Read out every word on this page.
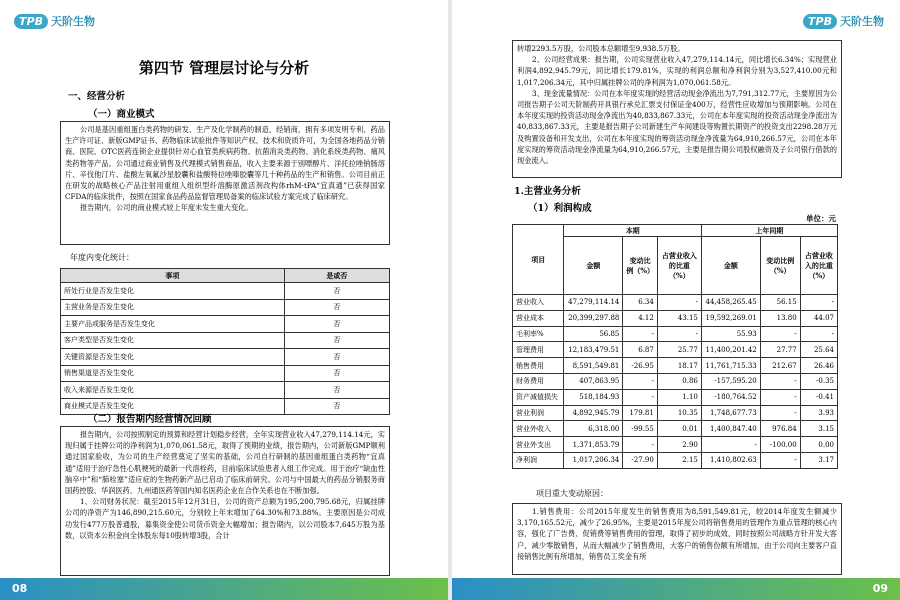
TPB 天阶生物
第四节 管理层讨论与分析
一、经营分析
（一）商业模式

公司是基因重组蛋白类药物的研发、生产及化学制药的制造、经销商，拥有多项发明专利、药品生产许可证、新版GMP证书、药物临床试验批件等知识产权、技术和资质许可，为全国各地药品分销商、医院、OTC医药连锁企业提供针对心血管类疾病药物、抗菌消炎类药物、消化系统类药物、痛风类药物等产品。公司通过商业销售及代理模式销售商品，收入主要来源于别嘌醇片、洋托拉唑钠肠溶片、辛伐他汀片、盐酸左氧氟沙星胶囊和盐酸特拉唑嗪胶囊等几十种药品的生产和销售。公司目前正在研发的战略核心产品注射用重组人组织型纤溶酶原激活剂改构体rhM-tPA“宜真通”已获得国家CFDA的临床批件，按照在国家食品药品监督管理局备案的临床试验方案完成了临床研究。

报告期内，公司的商业模式较上年度未发生重大变化。

年度内变化统计：
事项	是或否
所处行业是否发生变化	否
主营业务是否发生变化	否
主要产品或服务是否发生变化	否
客户类型是否发生变化	否
关键资源是否发生变化	否
销售渠道是否发生变化	否
收入来源是否发生变化	否
商业模式是否发生变化	否
（二）报告期内经营情况回顾

报告期内，公司按照制定的预算和经营计划稳步经营，全年实现营业收入47,279,114.14元，实现归属于挂牌公司的净利润为1,070,061.58元，取得了预期的业绩，报告期内，公司新版GMP顺利通过国家验收，为公司的生产经营奠定了坚实的基础，公司自行研制的基因重组蛋白类药物“宜真通”适用于治疗急性心肌梗死的最新一代溶栓药，目前临床试验患者入组工作完成。用于治疗“缺血性脑卒中”和“肺栓塞”适应症的生物药新产品已启动了临床前研究。公司与中国最大的药品分销服务商国药控股、华润医药、九州通医药等国内知名医药企业在合作关系也在不断加强。

1、公司财务状况：截至2015年12月31日，公司的资产总额为195,200,795.68元，归属挂牌公司的净资产为146,890,215.60元，分别较上年末增加了64.30%和73.88%。主要原因是公司成功发行477万股普通股，募集资金使公司货币资金大幅增加；报告期内，以公司股本7,645万股为基数，以资本公积金向全体股东每10股转增3股，合计

08
TPB 天阶生物

转增2293.5万股，公司股本总额增至9,938.5万股。

2、公司经营成果：报告期，公司实现营业收入47,279,114.14元，同比增长6.34%；实现营业利润4,892,945.79元，同比增长179.81%，实现的利润总额和净利润分别为3,527,410.00元和1,017,206.34元，其中归属挂牌公司的净利润为1,070,061.58元。

3、现金流量情况：公司在本年度实现的经营活动现金净流出为7,791,312.77元，主要原因为公司报告期子公司天阶制药开具银行承兑汇票支付保证金400万，经营性应收增加与预期影响。公司在本年度实现的投资活动现金净流出为40,833,867.33元，公司在本年度实现的投资活动现金净流出为40,833,867.33元，主要是报告期子公司新建生产车间建设等购置长期资产的投资支出2298.28万元及购置设备和开发支出，公司在本年度实现的筹资活动现金净流量为64,910,266.57元，公司在本年度实现的筹资活动现金净流量为64,910,266.57元，主要是报告期公司股权融资及子公司银行借款的现金流入。

1.主营业务分析
（1）利润构成
单位：元
项目	本期			上年同期		
	金额	变动比例（%）	占营业收入的比重（%）	金额	变动比例（%）	占营业收入的比重（%）
营业收入	47,279,114.14	6.34	-	44,458,265.45	56.15	-
营业成本	20,399,297.88	4.12	43.15	19,592,269.01	13.80	44.07
毛利率%	56.85	-	-	55.93	-	-
管理费用	12,183,479.51	6.87	25.77	11,400,201.42	27.77	25.64
销售费用	8,591,549.81	-26.95	18.17	11,761,715.33	212.67	26.46
财务费用	407,863.95	-	0.86	-157,595.20	-	-0.35
资产减值损失	518,184.93	-	1.10	-180,764.52	-	-0.41
营业利润	4,892,945.79	179.81	10.35	1,748,677.73	-	3.93
营业外收入	6,318.00	-99.55	0.01	1,400,847.40	976.84	3.15
营业外支出	1,371,853.79	-	2.90	-	-100.00	0.00
净利润	1,017,206.34	-27.90	2.15	1,410,802.63	-	3.17
项目重大变动原因：

1.销售费用：公司2015年度发生的销售费用为8,591,549.81元，较2014年度发生额减少3,170,165.52元，减少了26.95%，主要是2015年度公司将销售费用的管理作为重点管理的核心内容，强化了广告费、促销费等销售费用的管理，取得了初步的成效，同时按照公司战略方针开发大客户，减少零散销售，从而大幅减少了销售费用，大客户的销售份额有所增加，由于公司向主要客户直接销售比例有所增加，销售员工奖金有所

09
